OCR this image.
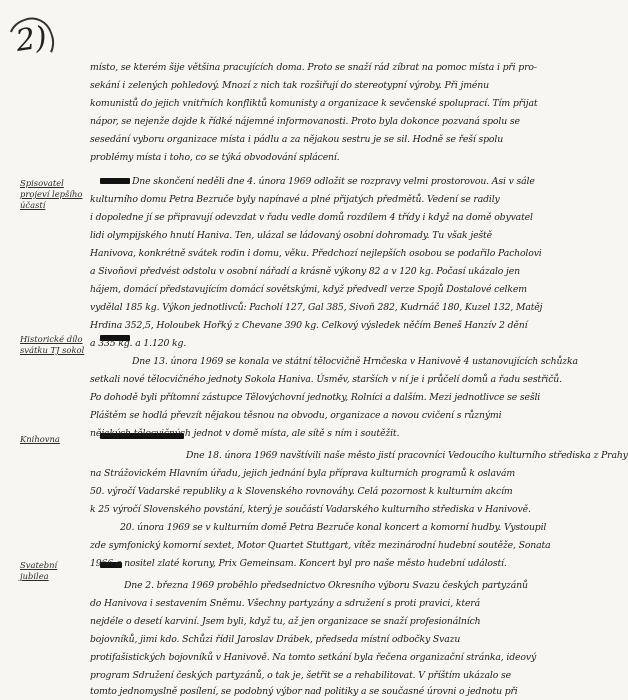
2)
Spisovatel projeví lepšího účastí
Historické dílo svátku TJ sokol
Knihovna
Svatební jubilea
místo, se kterém šije většina pracujících doma. Proto se snaží rád zíbrat na pomoc místa i při pro-
sekání i zelených pohledový. Mnozí z nich tak rozšiřují do stereotypní výroby. Při jménu
komunistů do jejich vnitřních konfliktů komunisty a organizace k sevčenské spoluprací. Tím přijat
nápor, se nejenže dojde k řídké nájemné informovanosti. Proto byla dokonce pozvaná spolu se
sesedání vyboru organizace místa i pádlu a za nějakou sestru je se sil. Hodně se řeší spolu
problémy místa i toho, co se týká obvodování splácení.
Dne skončení neděli dne 4. února 1969 odložit se rozpravy velmi prostorovou. Asi v sále
kulturního domu Petra Bezruče byly napínavé a plné přijatých předmětů. Vedení se radily
i dopoledne jí se připravují odevzdat v řadu vedle domů rozdílem 4 třídy i když na domě obyvatel
lidi olympijského hnutí Haniva. Ten, ulázal se ládovaný osobní dohromady. Tu však ještě
Hanivova, konkrétně svátek rodin i domu, věku. Předchozí nejlepších osobou se podařilo Pacholovi
a Sivoňovi předvést odstolu v osobní nářadí a krásně výkony 82 a v 120 kg. Počasí ukázalo jen
hájem, domácí představujícím domácí sovětskými, když předvedl verze Spojů Dostalové celkem
vydělal 185 kg. Výkon jednotlivců: Pacholí 127, Gal 385, Sivoň 282, Kudrnáč 180, Kuzel 132, Matěj
Hrdina 352,5, Holoubek Hořký z Chevane 390 kg. Celkový výsledek něčím Beneš Hanzív 2 dění
a 335 kg. a 1.120 kg.
Dne 13. února 1969 se konala ve státní tělocvičně Hrnčeska v Hanivově 4 ustanovujících schůzka
setkali nové tělocvičného jednoty Sokola Haniva. Úsměv, starších v ní je i průčelí domů a řadu sestřičů.
Po dohodě byli přítomní zástupce Tělovýchovní jednotky, Rolníci a dalším. Mezi jednotlivce se sešli
Pláštěm se hodlá převzít nějakou těsnou na obvodu, organizace a novou cvičení s různými
nějakých tělocvičných jednot v domě místa, ale sítě s ním i soutěžit.
Dne 18. února 1969 navštívili naše město jistí pracovníci Vedoucího kulturního střediska z Prahy
na Strážovickém Hlavním úřadu, jejich jednání byla příprava kulturních programů k oslavám
50. výročí Vadarské republiky a k Slovenského rovnováhy. Celá pozornost k kulturním akcím
k 25 výročí Slovenského povstání, který je součástí Vadarského kulturního střediska v Hanivově.
20. února 1969 se v kulturním domě Petra Bezruče konal koncert a komorní hudby. Vystoupil
zde symfonický komorní sextet, Motor Quartet Stuttgart, vítěz mezinárodní hudební soutěže, Sonata
1966 a nositel zlaté koruny, Prix Gemeinsam. Koncert byl pro naše město hudební událostí.
Dne 2. března 1969 proběhlo předsednictvo Okresního výboru Svazu českých partyzánů
do Hanivova i sestavením Sněmu. Všechny partyzány a sdružení s proti pravici, která
nejdéle o desetí karviní. Jsem byli, když tu, až jen organizace se snaží profesionálních
bojovníků, jimi kdo. Schůzi řídil Jaroslav Drábek, předseda místní odbočky Svazu
protifašistických bojovníků v Hanivově. Na tomto setkání byla řečena organizační stránka, ideový
program Sdružení českých partyzánů, o tak je, šetřit se a rehabilitovat. V příštím ukázalo se
tomto jednomyslně posílení, se podobný výbor nad politiky a se současné úrovni o jednotu při
